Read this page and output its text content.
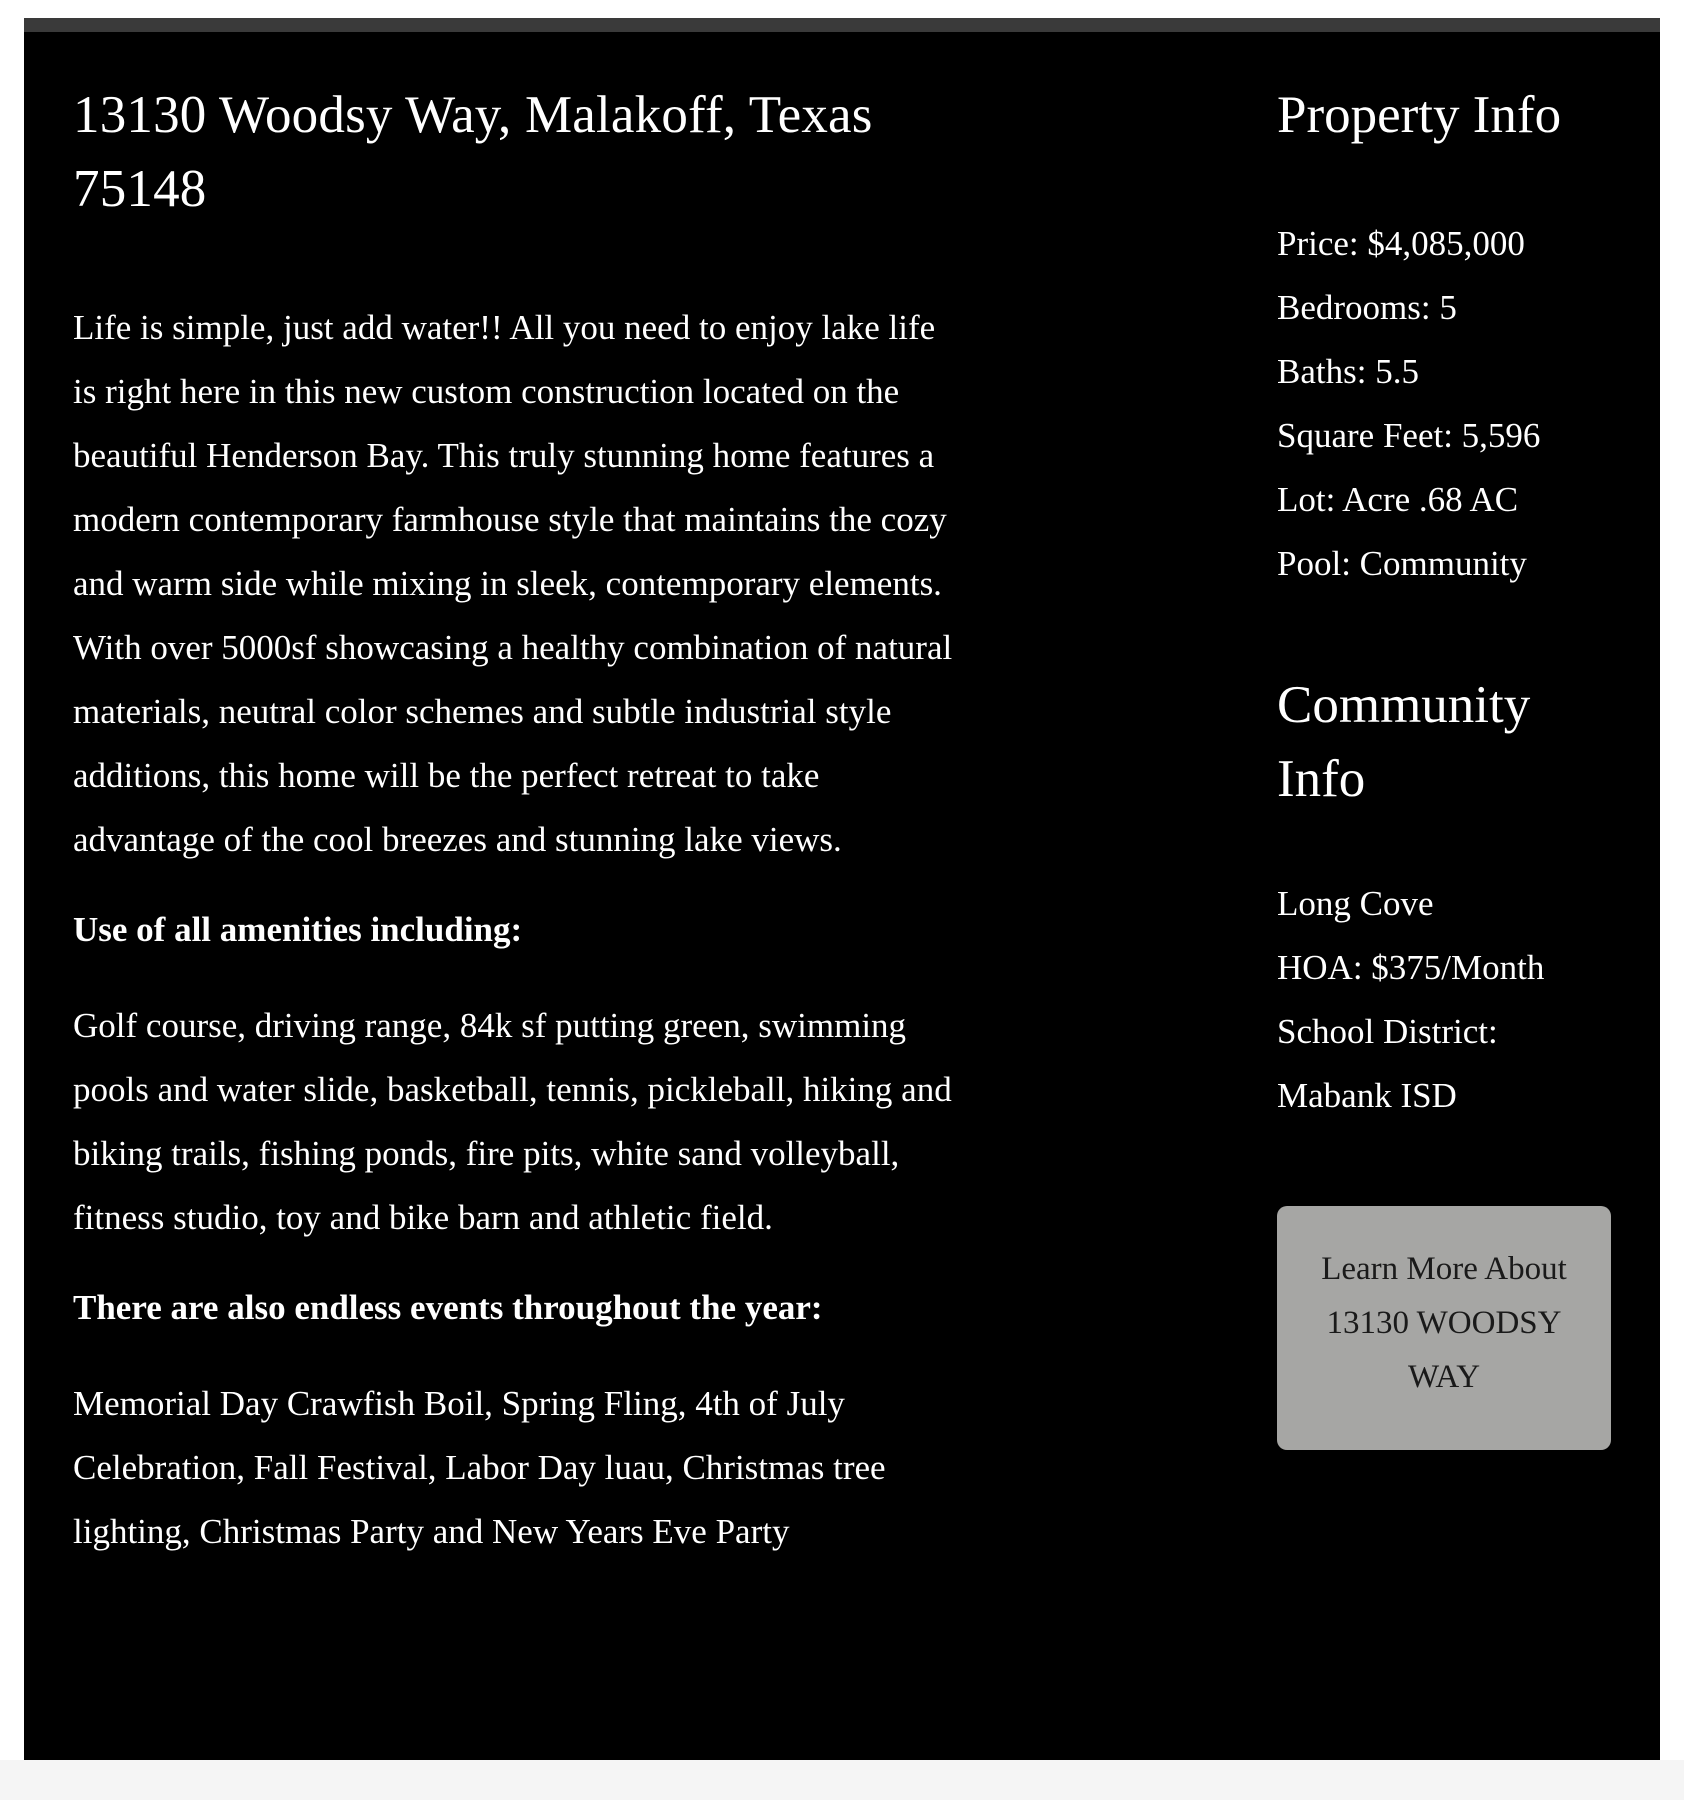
13130 Woodsy Way, Malakoff, Texas 75148

Life is simple, just add water!! All you need to enjoy lake life is right here in this new custom construction located on the beautiful Henderson Bay. This truly stunning home features a modern contemporary farmhouse style that maintains the cozy and warm side while mixing in sleek, contemporary elements. With over 5000sf showcasing a healthy combination of natural materials, neutral color schemes and subtle industrial style additions, this home will be the perfect retreat to take advantage of the cool breezes and stunning lake views.

Use of all amenities including:

Golf course, driving range, 84k sf putting green, swimming pools and water slide, basketball, tennis, pickleball, hiking and biking trails, fishing ponds, fire pits, white sand volleyball, fitness studio, toy and bike barn and athletic field.

There are also endless events throughout the year:

Memorial Day Crawfish Boil, Spring Fling, 4th of July Celebration, Fall Festival, Labor Day luau, Christmas tree lighting, Christmas Party and New Years Eve Party

Property Info
Price: $4,085,000
Bedrooms: 5
Baths: 5.5
Square Feet: 5,596
Lot: Acre .68 AC
Pool: Community
Community Info
Long Cove
HOA: $375/Month
School District: Mabank ISD
Learn More About 13130 WOODSY WAY
